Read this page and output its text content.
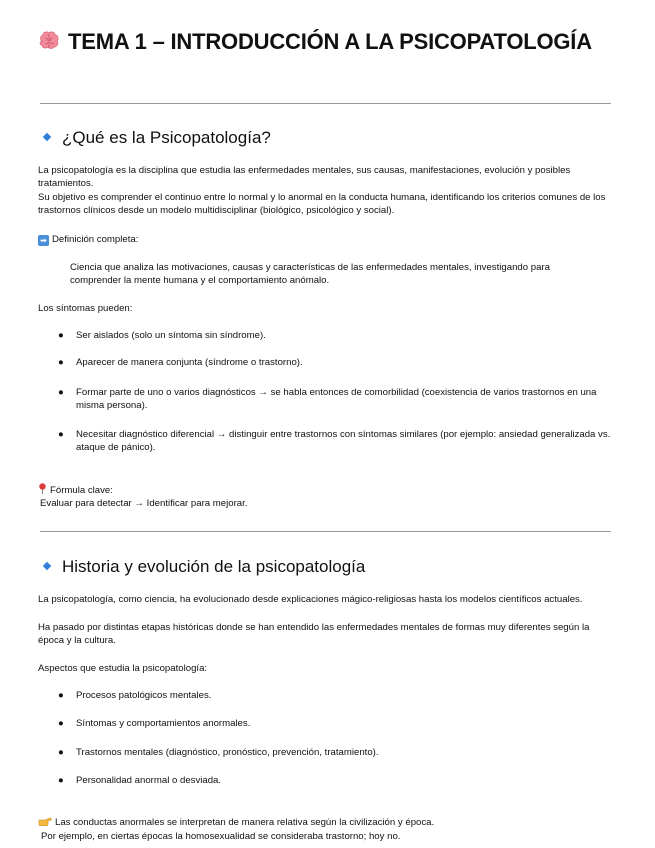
TEMA 1 – INTRODUCCIÓN A LA PSICOPATOLOGÍA
¿Qué es la Psicopatología?
La psicopatología es la disciplina que estudia las enfermedades mentales, sus causas, manifestaciones, evolución y posibles tratamientos.
Su objetivo es comprender el continuo entre lo normal y lo anormal en la conducta humana, identificando los criterios comunes de los trastornos clínicos desde un modelo multidisciplinar (biológico, psicológico y social).
➡ Definición completa:
Ciencia que analiza las motivaciones, causas y características de las enfermedades mentales, investigando para comprender la mente humana y el comportamiento anómalo.
Los síntomas pueden:
● Ser aislados (solo un síntoma sin síndrome).
● Aparecer de manera conjunta (síndrome o trastorno).
● Formar parte de uno o varios diagnósticos → se habla entonces de comorbilidad (coexistencia de varios trastornos en una misma persona).
● Necesitar diagnóstico diferencial → distinguir entre trastornos con síntomas similares (por ejemplo: ansiedad generalizada vs. ataque de pánico).
Fórmula clave:
Evaluar para detectar → Identificar para mejorar.
Historia y evolución de la psicopatología
La psicopatología, como ciencia, ha evolucionado desde explicaciones mágico-religiosas hasta los modelos científicos actuales.
Ha pasado por distintas etapas históricas donde se han entendido las enfermedades mentales de formas muy diferentes según la época y la cultura.
Aspectos que estudia la psicopatología:
● Procesos patológicos mentales.
● Síntomas y comportamientos anormales.
● Trastornos mentales (diagnóstico, pronóstico, prevención, tratamiento).
● Personalidad anormal o desviada.
Las conductas anormales se interpretan de manera relativa según la civilización y época.
Por ejemplo, en ciertas épocas la homosexualidad se consideraba trastorno; hoy no.
